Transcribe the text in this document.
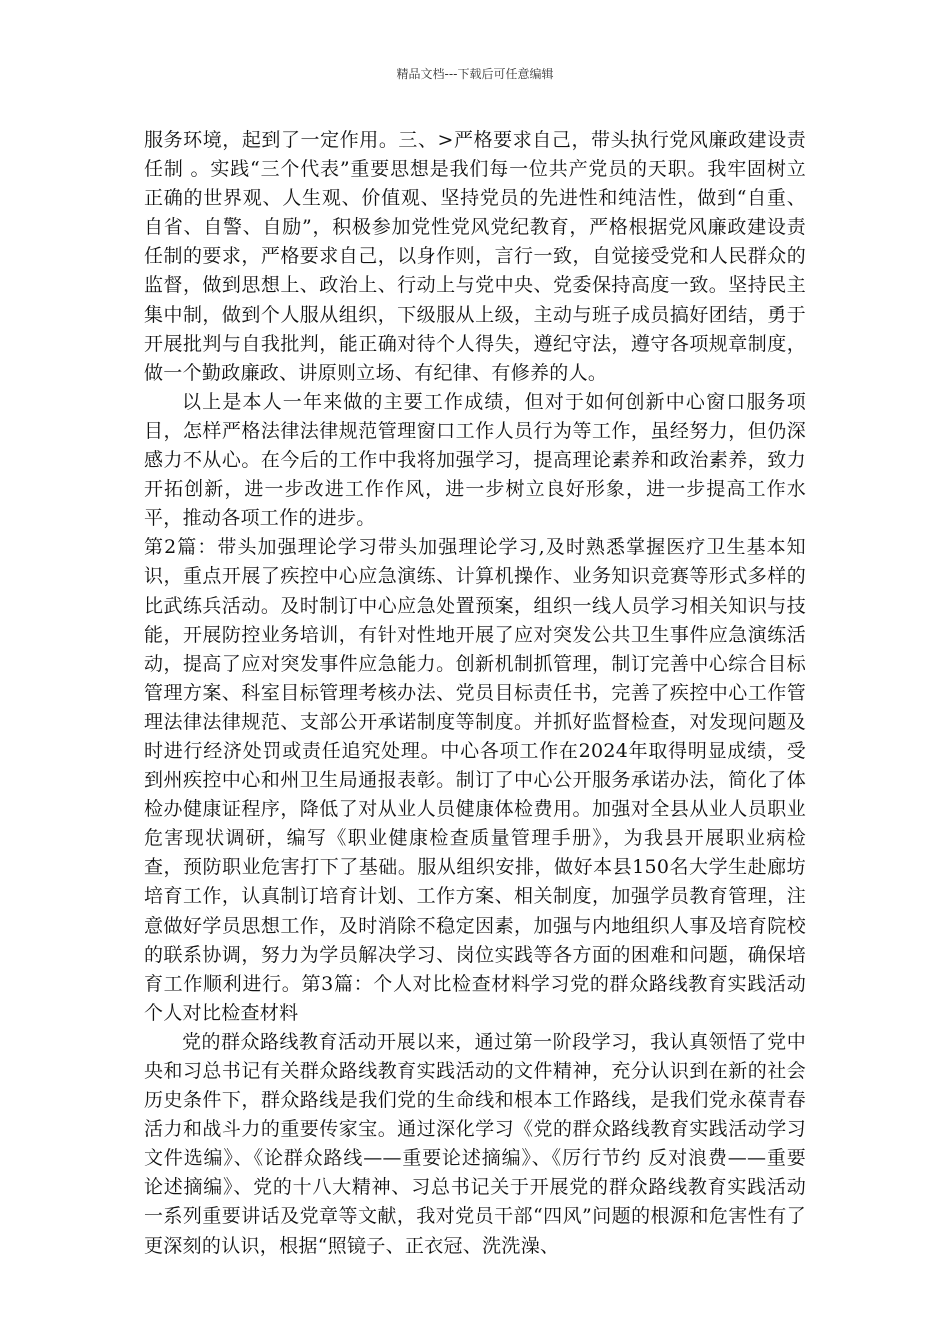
精品文档---下载后可任意编辑

服务环境，起到了一定作用。三、>严格要求自己，带头执行党风廉政建设责任制 。实践“三个代表”重要思想是我们每一位共产党员的天职。我牢固树立正确的世界观、人生观、价值观、坚持党员的先进性和纯洁性，做到“自重、自省、自警、自励”，积极参加党性党风党纪教育，严格根据党风廉政建设责任制的要求，严格要求自己，以身作则，言行一致，自觉接受党和人民群众的监督，做到思想上、政治上、行动上与党中央、党委保持高度一致。坚持民主集中制，做到个人服从组织，下级服从上级，主动与班子成员搞好团结，勇于开展批判与自我批判，能正确对待个人得失，遵纪守法，遵守各项规章制度，做一个勤政廉政、讲原则立场、有纪律、有修养的人。

以上是本人一年来做的主要工作成绩，但对于如何创新中心窗口服务项目，怎样严格法律法律规范管理窗口工作人员行为等工作，虽经努力，但仍深感力不从心。在今后的工作中我将加强学习，提高理论素养和政治素养，致力开拓创新，进一步改进工作作风，进一步树立良好形象，进一步提高工作水平，推动各项工作的进步。

第2篇：带头加强理论学习带头加强理论学习,及时熟悉掌握医疗卫生基本知识，重点开展了疾控中心应急演练、计算机操作、业务知识竞赛等形式多样的比武练兵活动。及时制订中心应急处置预案，组织一线人员学习相关知识与技能，开展防控业务培训，有针对性地开展了应对突发公共卫生事件应急演练活动，提高了应对突发事件应急能力。创新机制抓管理，制订完善中心综合目标管理方案、科室目标管理考核办法、党员目标责任书，完善了疾控中心工作管理法律法律规范、支部公开承诺制度等制度。并抓好监督检查，对发现问题及时进行经济处罚或责任追究处理。中心各项工作在2024年取得明显成绩，受到州疾控中心和州卫生局通报表彰。制订了中心公开服务承诺办法，简化了体检办健康证程序，降低了对从业人员健康体检费用。加强对全县从业人员职业危害现状调研，编写《职业健康检查质量管理手册》，为我县开展职业病检查，预防职业危害打下了基础。服从组织安排，做好本县150名大学生赴廊坊培育工作，认真制订培育计划、工作方案、相关制度，加强学员教育管理，注意做好学员思想工作，及时消除不稳定因素，加强与内地组织人事及培育院校的联系协调，努力为学员解决学习、岗位实践等各方面的困难和问题，确保培育工作顺利进行。第3篇：个人对比检查材料学习党的群众路线教育实践活动个人对比检查材料

党的群众路线教育活动开展以来，通过第一阶段学习，我认真领悟了党中央和习总书记有关群众路线教育实践活动的文件精神，充分认识到在新的社会历史条件下，群众路线是我们党的生命线和根本工作路线，是我们党永葆青春活力和战斗力的重要传家宝。通过深化学习《党的群众路线教育实践活动学习文件选编》、《论群众路线——重要论述摘编》、《厉行节约 反对浪费——重要论述摘编》、党的十八大精神、习总书记关于开展党的群众路线教育实践活动一系列重要讲话及党章等文献，我对党员干部“四风”问题的根源和危害性有了更深刻的认识，根据“照镜子、正衣冠、洗洗澡、
